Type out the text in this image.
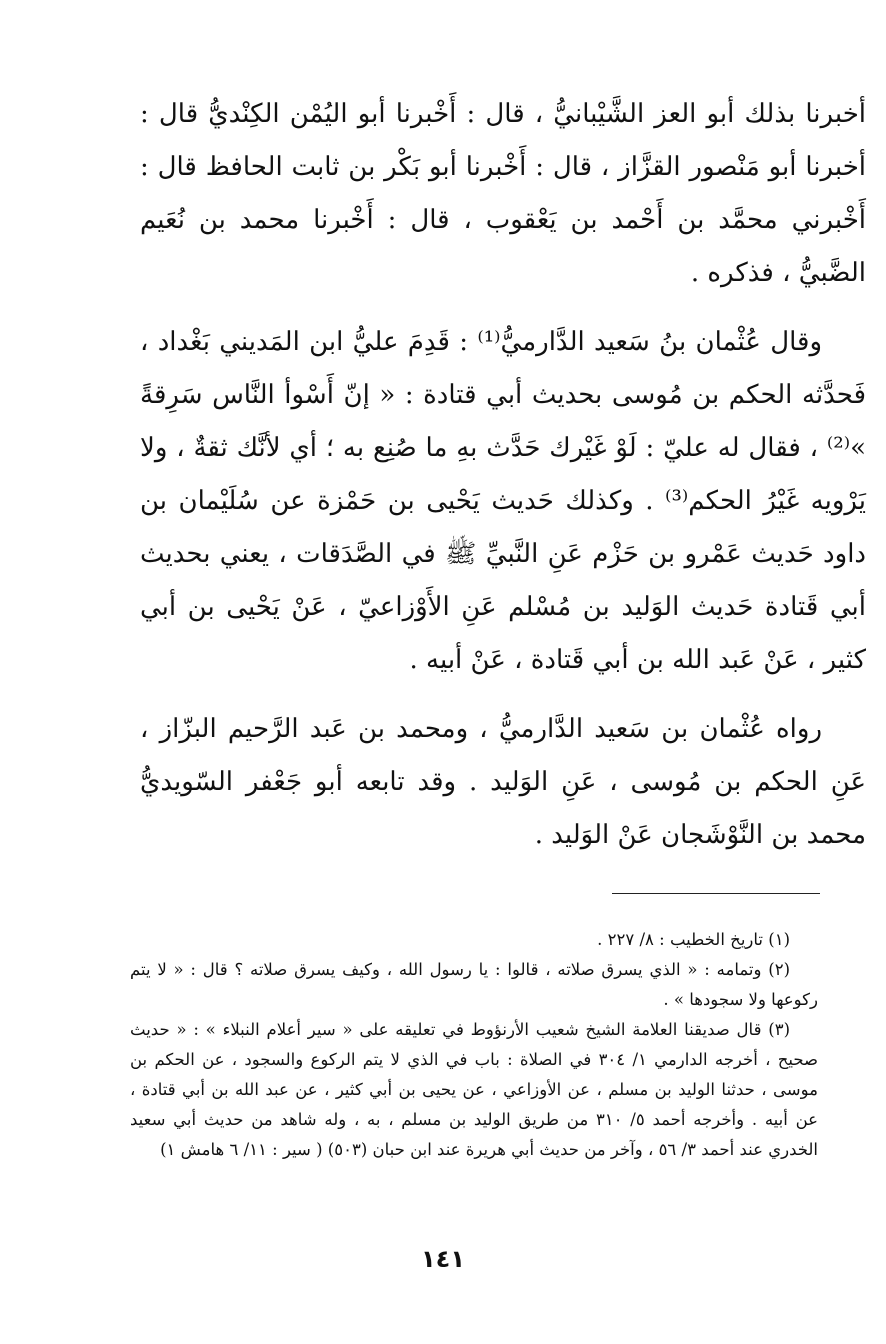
أخبرنا بذلك أبو العز الشَّيْبانيُّ ، قال : أَخْبرنا أبو اليُمْن الكِنْديُّ قال : أخبرنا أبو مَنْصور القزَّاز ، قال : أَخْبرنا أبو بَكْر بن ثابت الحافظ قال : أَخْبرني محمَّد بن أَحْمد بن يَعْقوب ، قال : أَخْبرنا محمد بن نُعَيم الضَّبيُّ ، فذكره .

وقال عُثْمان بنُ سَعيد الدَّارميُّ⁽¹⁾ : قَدِمَ عليُّ ابن المَديني بَغْداد ، فَحدَّثه الحكم بن مُوسى بحديث أبي قتادة : « إنّ أَسْوأ النَّاس سَرِقةً »⁽²⁾ ، فقال له عليّ : لَوْ غَيْرك حَدَّث بهِ ما صُنِع به ؛ أي لأنَّك ثقةٌ ، ولا يَرْويه غَيْرُ الحكم⁽³⁾ . وكذلك حَديث يَحْيى بن حَمْزة عن سُلَيْمان بن داود حَديث عَمْرو بن حَزْم عَنِ النَّبيِّ ﷺ في الصَّدَقات ، يعني بحديث أبي قَتادة حَديث الوَليد بن مُسْلم عَنِ الأَوْزاعيّ ، عَنْ يَحْيى بن أبي كثير ، عَنْ عَبد الله بن أبي قَتادة ، عَنْ أبيه .

رواه عُثْمان بن سَعيد الدَّارميُّ ، ومحمد بن عَبد الرَّحيم البزّاز ، عَنِ الحكم بن مُوسى ، عَنِ الوَليد . وقد تابعه أبو جَعْفر السّويديُّ محمد بن النَّوْشَجان عَنْ الوَليد .

(١) تاريخ الخطيب : ٨/ ٢٢٧ .

(٢) وتمامه : « الذي يسرق صلاته ، قالوا : يا رسول الله ، وكيف يسرق صلاته ؟ قال : « لا يتم ركوعها ولا سجودها » .

(٣) قال صديقنا العلامة الشيخ شعيب الأرنؤوط في تعليقه على « سير أعلام النبلاء » : « حديث صحيح ، أخرجه الدارمي ١/ ٣٠٤ في الصلاة : باب في الذي لا يتم الركوع والسجود ، عن الحكم بن موسى ، حدثنا الوليد بن مسلم ، عن الأوزاعي ، عن يحيى بن أبي كثير ، عن عبد الله بن أبي قتادة ، عن أبيه . وأخرجه أحمد ٥/ ٣١٠ من طريق الوليد بن مسلم ، به ، وله شاهد من حديث أبي سعيد الخدري عند أحمد ٣/ ٥٦ ، وآخر من حديث أبي هريرة عند ابن حبان (٥٠٣) ( سير : ١١/ ٦ هامش ١)

١٤١
